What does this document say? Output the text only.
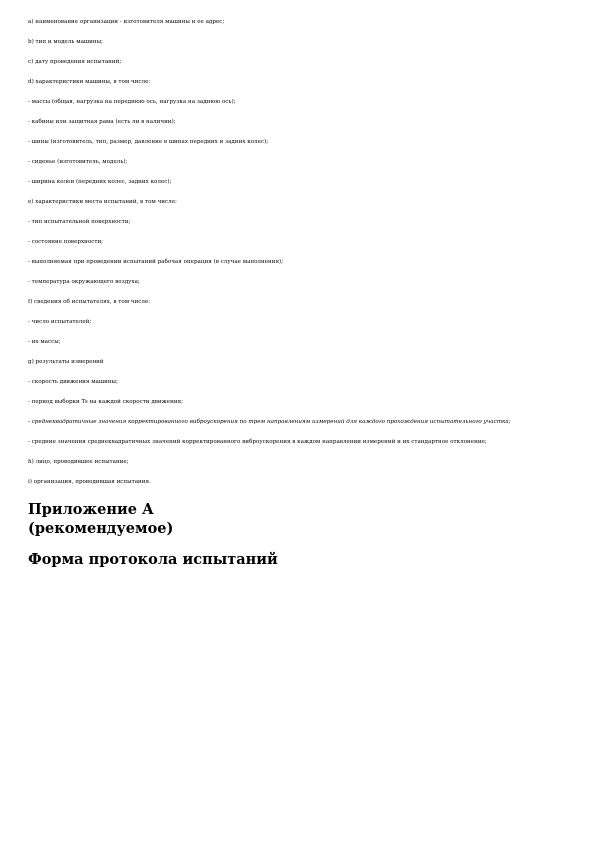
а) наименование организации - изготовителя машины и ее адрес;

b) тип и модель машины;

c) дату проведения испытаний;

d) характеристики машины, в том числе:

- массы (общая, нагрузка на переднюю ось, нагрузка на заднюю ось);

- кабины или защитная рама (есть ли в наличии);

- шины (изготовитель, тип, размер, давление в шинах передних и задних колес);

- сиденье (изготовитель, модель);

- ширина колеи (передних колес, задних колес);

e) характеристики места испытаний, в том числе:

- тип испытательной поверхности;

- состояние поверхности;

- выполняемая при проведении испытаний рабочая операция (в случае выполнения);

- температура окружающего воздуха;

f) сведения об испытателях, в том числе:

- число испытателей;

- их массы;

g) результаты измерений

- скорость движения машины;

- период выборки Ts на каждой скорости движения;

- среднеквадратичные значения корректированного виброускорения по трем направлениям измерений для каждого прохождения испытательного участка;

- средние значения среднеквадратичных значений корректированного виброускорения в каждом направлении измерений и их стандартное отклонение;

h) лицо, проводившее испытание;

i) организация, проводившая испытания.

Приложение А
(рекомендуемое)
Форма протокола испытаний
